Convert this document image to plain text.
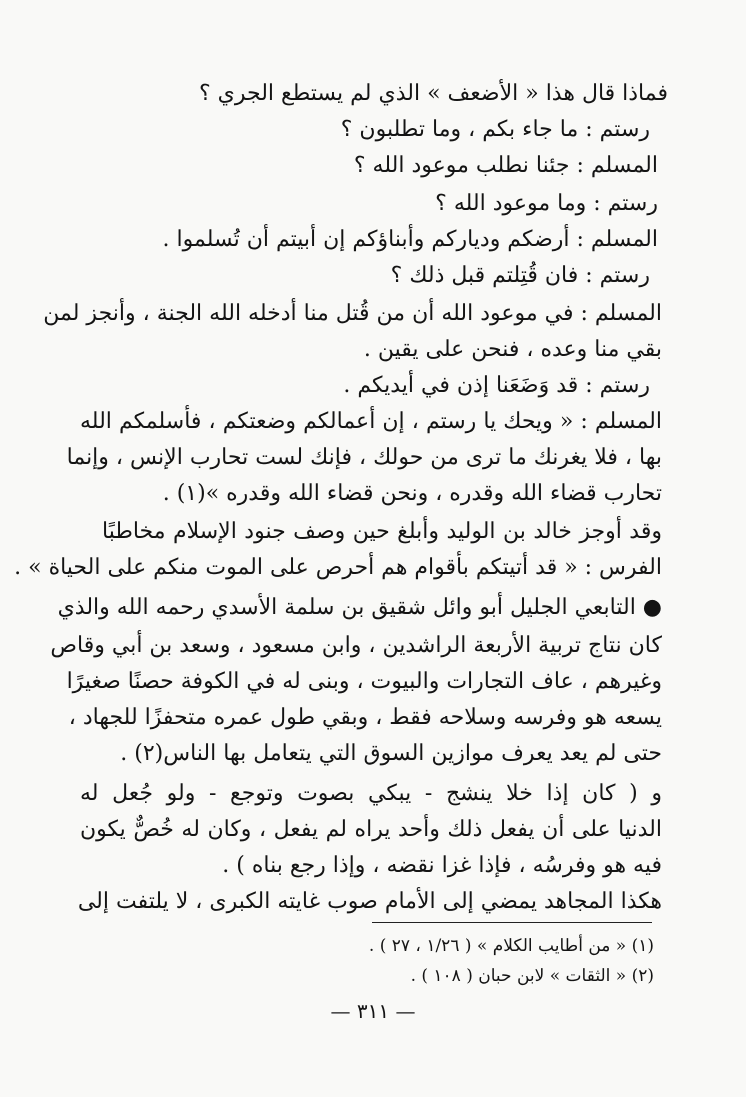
فماذا قال هذا « الأضعف » الذي لم يستطع الجري ؟
رستم : ما جاء بكم ، وما تطلبون ؟
المسلم : جئنا نطلب موعود الله ؟
رستم : وما موعود الله ؟
المسلم : أرضكم ودياركم وأبناؤكم إن أبيتم أن تُسلموا .
رستم : فان قُتِلتم قبل ذلك ؟
المسلم : في موعود الله أن من قُتل منا أدخله الله الجنة ، وأنجز لمن
بقي منا وعده ، فنحن على يقين .
رستم : قد وَضَعَنا إذن في أيديكم .
المسلم : « ويحك يا رستم ، إن أعمالكم وضعتكم ، فأسلمكم الله
بها ، فلا يغرنك ما ترى من حولك ، فإنك لست تحارب الإنس ، وإنما
تحارب قضاء الله وقدره ، ونحن قضاء الله وقدره »(١) .
وقد أوجز خالد بن الوليد وأبلغ حين وصف جنود الإسلام مخاطبًا
الفرس : « قد أتيتكم بأقوام هم أحرص على الموت منكم على الحياة » .
● التابعي الجليل أبو وائل شقيق بن سلمة الأسدي رحمه الله والذي
كان نتاج تربية الأربعة الراشدين ، وابن مسعود ، وسعد بن أبي وقاص
وغيرهم ، عاف التجارات والبيوت ، وبنى له في الكوفة حصنًا صغيرًا
يسعه هو وفرسه وسلاحه فقط ، وبقي طول عمره متحفزًا للجهاد ،
حتى لم يعد يعرف موازين السوق التي يتعامل بها الناس(٢) .
و ( كان إذا خلا ينشج - يبكي بصوت وتوجع - ولو جُعل له
الدنيا على أن يفعل ذلك وأحد يراه لم يفعل ، وكان له خُصٌّ يكون
فيه هو وفرسُه ، فإذا غزا نقضه ، وإذا رجع بناه ) .
هكذا المجاهد يمضي إلى الأمام صوب غايته الكبرى ، لا يلتفت إلى
(١) « من أطايب الكلام » ( ١/٢٦ ، ٢٧ ) .
(٢) « الثقات » لابن حبان ( ١٠٨ ) .
— ٣١١ —
